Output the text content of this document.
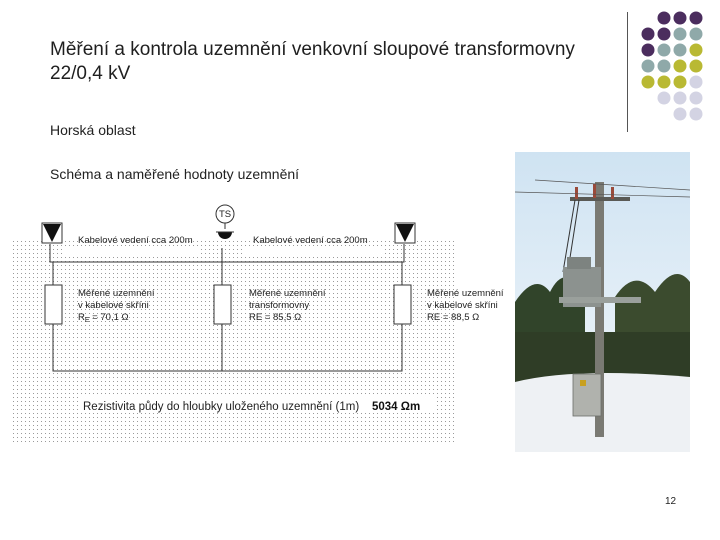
Měření a kontrola uzemnění venkovní sloupové transformovny
22/0,4 kV
Horská oblast
Schéma a naměřené hodnoty uzemnění
TS
Kabelové vedení cca 200m	Kabelové vedení cca 200m
Měřené uzemnění
v kabelové skříni
$R_E = 70,1$ Ω
Měřené uzemnění
transformovny
RE = 85,5 Ω
Měřené uzemnění
v kabelové skříni
RE = 88,5 Ω
Rezistivita půdy do hloubky uloženého uzemnění (1m) 5034 Ωm
12
